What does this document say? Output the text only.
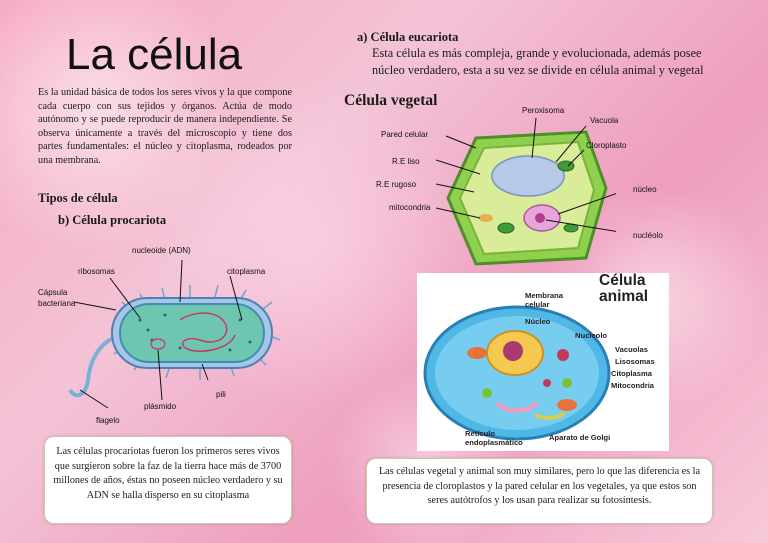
La célula
Es la unidad básica de todos los seres vivos y la que compone cada cuerpo con sus tejidos y órganos. Actúa de modo autónomo y se puede reproducir de manera independiente. Se observa únicamente a través del microscopio y tiene dos partes fundamentales: el núcleo y citoplasma, rodeados por una membrana.
Tipos de célula
b) Célula procariota
nucleoide (ADN)
ribosomas	citoplasma
Cápsula
bacteriana
pili
plásmido
flagelo
Las células procariotas fueron los primeros seres vivos que surgieron sobre la faz de la tierra hace más de 3700 millones de años, éstas no poseen núcleo verdadero y su ADN se halla disperso en su citoplasma
a) Célula eucariota
Esta célula es más compleja, grande y evolucionada, además posee núcleo verdadero, esta a su vez se divide en célula animal y vegetal
Célula vegetal
Peroxisoma
Vacuola
Pared celular
Cloroplasto
R.E liso
R.E rugoso
núcleo
mitocondria
nucléolo
Célula
animal
Membrana
celular
Núcleo
Nucleolo
Vacuolas
Lisosomas
Citoplasma
Mitocondria
Retículo
endoplasmático
Aparato de Golgi
Las células vegetal y animal son muy similares, pero lo que las diferencia es la presencia de cloroplastos y la pared celular en los vegetales, ya que estos son seres autótrofos y los usan para realizar su fotosíntesis.
